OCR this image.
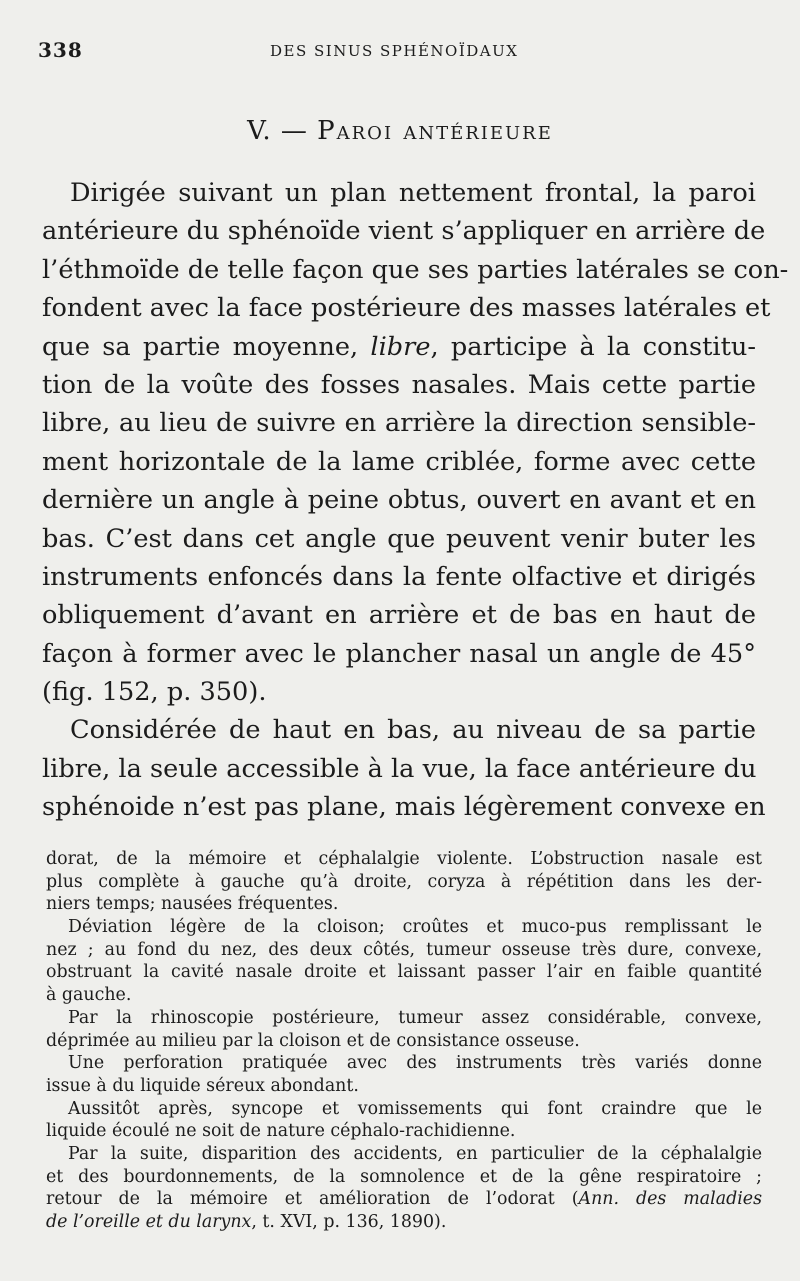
338	DES SINUS SPHÉNOÏDAUX
V. — Paroi antérieure
Dirigée suivant un plan nettement frontal, la paroi
antérieure du sphénoïde vient s’appliquer en arrière de
l’éthmoïde de telle façon que ses parties latérales se con-
fondent avec la face postérieure des masses latérales et
que sa partie moyenne, libre, participe à la constitu-
tion de la voûte des fosses nasales. Mais cette partie
libre, au lieu de suivre en arrière la direction sensible-
ment horizontale de la lame criblée, forme avec cette
dernière un angle à peine obtus, ouvert en avant et en
bas. C’est dans cet angle que peuvent venir buter les
instruments enfoncés dans la fente olfactive et dirigés
obliquement d’avant en arrière et de bas en haut de
façon à former avec le plancher nasal un angle de 45°
(fig. 152, p. 350).
Considérée de haut en bas, au niveau de sa partie
libre, la seule accessible à la vue, la face antérieure du
sphénoide n’est pas plane, mais légèrement convexe en
dorat, de la mémoire et céphalalgie violente. L’obstruction nasale est
plus complète à gauche qu’à droite, coryza à répétition dans les der-
niers temps; nausées fréquentes.
Déviation légère de la cloison; croûtes et muco-pus remplissant le
nez ; au fond du nez, des deux côtés, tumeur osseuse très dure, convexe,
obstruant la cavité nasale droite et laissant passer l’air en faible quantité
à gauche.
Par la rhinoscopie postérieure, tumeur assez considérable, convexe,
déprimée au milieu par la cloison et de consistance osseuse.
Une perforation pratiquée avec des instruments très variés donne
issue à du liquide séreux abondant.
Aussitôt après, syncope et vomissements qui font craindre que le
liquide écoulé ne soit de nature céphalo-rachidienne.
Par la suite, disparition des accidents, en particulier de la céphalalgie
et des bourdonnements, de la somnolence et de la gêne respiratoire ;
retour de la mémoire et amélioration de l’odorat (Ann. des maladies
de l’oreille et du larynx, t. XVI, p. 136, 1890).
